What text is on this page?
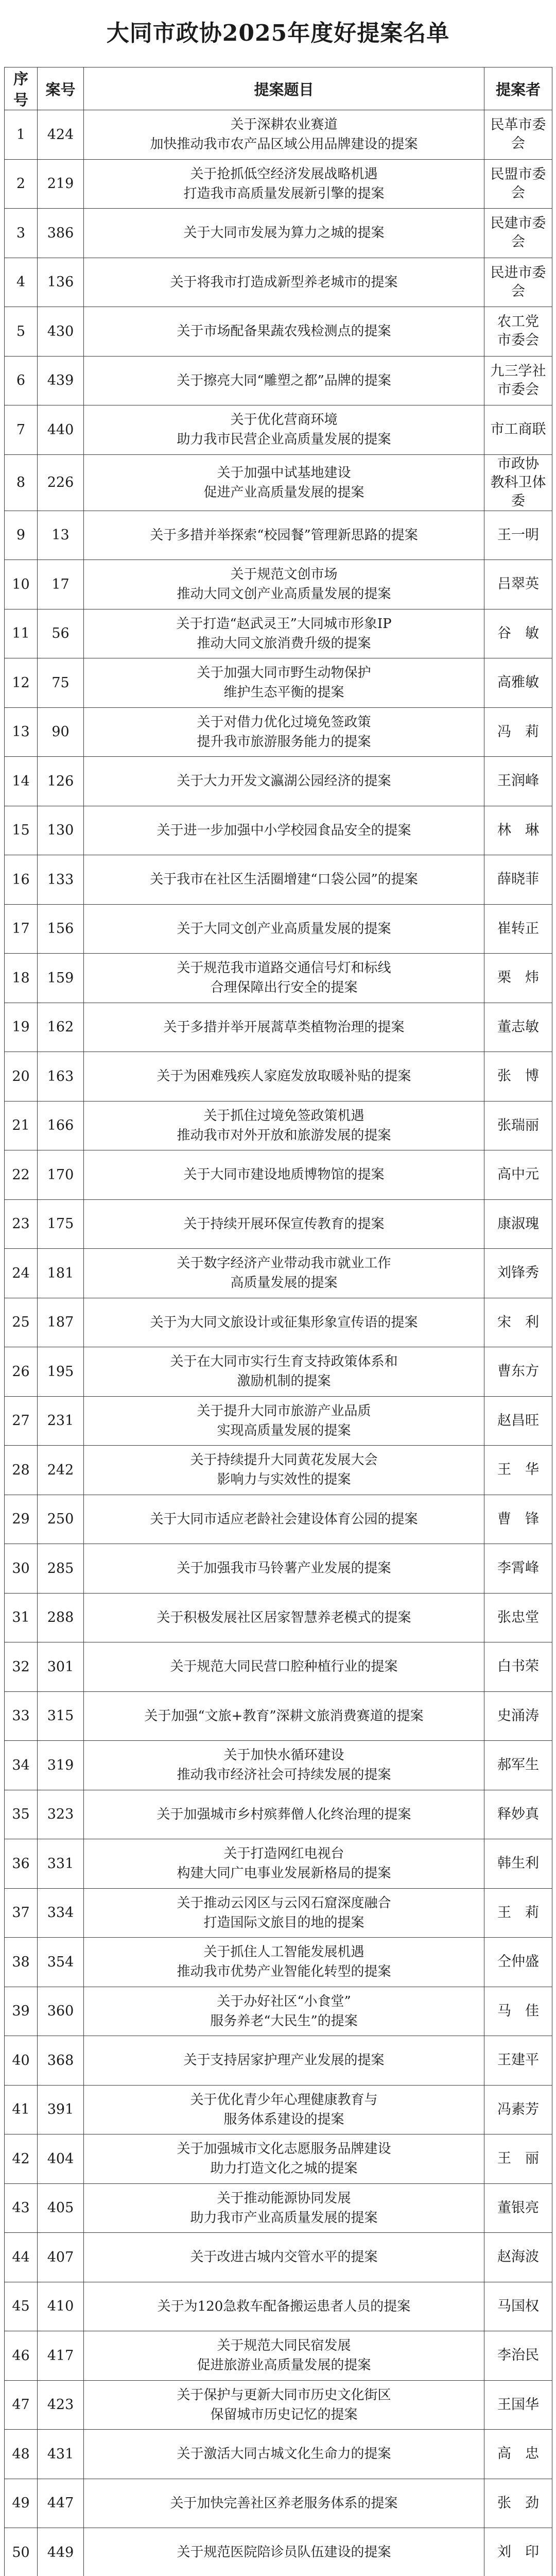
大同市政协2025年度好提案名单
序号	案号	提案题目	提案者
1	424	关于深耕农业赛道
加快推动我市农产品区域公用品牌建设的提案	民革市委会
2	219	关于抢抓低空经济发展战略机遇
打造我市高质量发展新引擎的提案	民盟市委会
3	386	关于大同市发展为算力之城的提案	民建市委会
4	136	关于将我市打造成新型养老城市的提案	民进市委会
5	430	关于市场配备果蔬农残检测点的提案	农工党
市委会
6	439	关于擦亮大同“雕塑之都”品牌的提案	九三学社
市委会
7	440	关于优化营商环境
助力我市民营企业高质量发展的提案	市工商联
8	226	关于加强中试基地建设
促进产业高质量发展的提案	市政协
教科卫体委
9	13	关于多措并举探索“校园餐”管理新思路的提案	王一明
10	17	关于规范文创市场
推动大同文创产业高质量发展的提案	吕翠英
11	56	关于打造“赵武灵王”大同城市形象IP
推动大同文旅消费升级的提案	谷　敏
12	75	关于加强大同市野生动物保护
维护生态平衡的提案	高雅敏
13	90	关于对借力优化过境免签政策
提升我市旅游服务能力的提案	冯　莉
14	126	关于大力开发文瀛湖公园经济的提案	王润峰
15	130	关于进一步加强中小学校园食品安全的提案	林　琳
16	133	关于我市在社区生活圈增建“口袋公园”的提案	薛晓菲
17	156	关于大同文创产业高质量发展的提案	崔转正
18	159	关于规范我市道路交通信号灯和标线
合理保障出行安全的提案	栗　炜
19	162	关于多措并举开展蒿草类植物治理的提案	董志敏
20	163	关于为困难残疾人家庭发放取暖补贴的提案	张　博
21	166	关于抓住过境免签政策机遇
推动我市对外开放和旅游发展的提案	张瑞丽
22	170	关于大同市建设地质博物馆的提案	高中元
23	175	关于持续开展环保宣传教育的提案	康淑瑰
24	181	关于数字经济产业带动我市就业工作
高质量发展的提案	刘锋秀
25	187	关于为大同文旅设计或征集形象宣传语的提案	宋　利
26	195	关于在大同市实行生育支持政策体系和
激励机制的提案	曹东方
27	231	关于提升大同市旅游产业品质
实现高质量发展的提案	赵昌旺
28	242	关于持续提升大同黄花发展大会
影响力与实效性的提案	王　华
29	250	关于大同市适应老龄社会建设体育公园的提案	曹　锋
30	285	关于加强我市马铃薯产业发展的提案	李霄峰
31	288	关于积极发展社区居家智慧养老模式的提案	张忠堂
32	301	关于规范大同民营口腔种植行业的提案	白书荣
33	315	关于加强“文旅+教育”深耕文旅消费赛道的提案	史涌涛
34	319	关于加快水循环建设
推动我市经济社会可持续发展的提案	郝军生
35	323	关于加强城市乡村殡葬僧人化终治理的提案	释妙真
36	331	关于打造网红电视台
构建大同广电事业发展新格局的提案	韩生利
37	334	关于推动云冈区与云冈石窟深度融合
打造国际文旅目的地的提案	王　莉
38	354	关于抓住人工智能发展机遇
推动我市优势产业智能化转型的提案	仝仲盛
39	360	关于办好社区“小食堂”
服务养老“大民生”的提案	马　佳
40	368	关于支持居家护理产业发展的提案	王建平
41	391	关于优化青少年心理健康教育与
服务体系建设的提案	冯素芳
42	404	关于加强城市文化志愿服务品牌建设
助力打造文化之城的提案	王　丽
43	405	关于推动能源协同发展
助力我市产业高质量发展的提案	董银亮
44	407	关于改进古城内交管水平的提案	赵海波
45	410	关于为120急救车配备搬运患者人员的提案	马国权
46	417	关于规范大同民宿发展
促进旅游业高质量发展的提案	李治民
47	423	关于保护与更新大同市历史文化街区
保留城市历史记忆的提案	王国华
48	431	关于激活大同古城文化生命力的提案	高　忠
49	447	关于加快完善社区养老服务体系的提案	张　劲
50	449	关于规范医院陪诊员队伍建设的提案	刘　印
